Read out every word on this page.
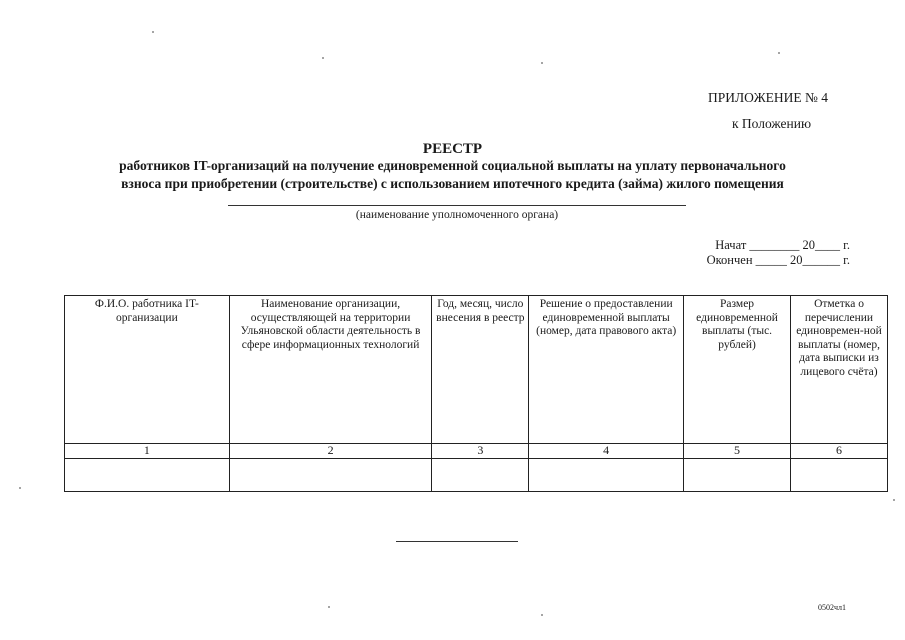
ПРИЛОЖЕНИЕ № 4
к Положению
РЕЕСТР
работников IT-организаций на получение единовременной социальной выплаты на уплату первоначального
взноса при приобретении (строительстве) с использованием ипотечного кредита (займа) жилого помещения
(наименование уполномоченного органа)
Начат ________ 20____ г.
Окончен _____ 20______ г.
Ф.И.О. работника IT-организации	Наименование организации, осуществляющей на территории Ульяновской области деятельность в сфере информационных технологий	Год, месяц, число внесения в реестр	Решение о предоставлении единовременной выплаты (номер, дата правового акта)	Размер единовременной выплаты (тыс. рублей)	Отметка о перечислении единовремен-ной выплаты (номер, дата выписки из лицевого счёта)
1	2	3	4	5	6

0502чл1
